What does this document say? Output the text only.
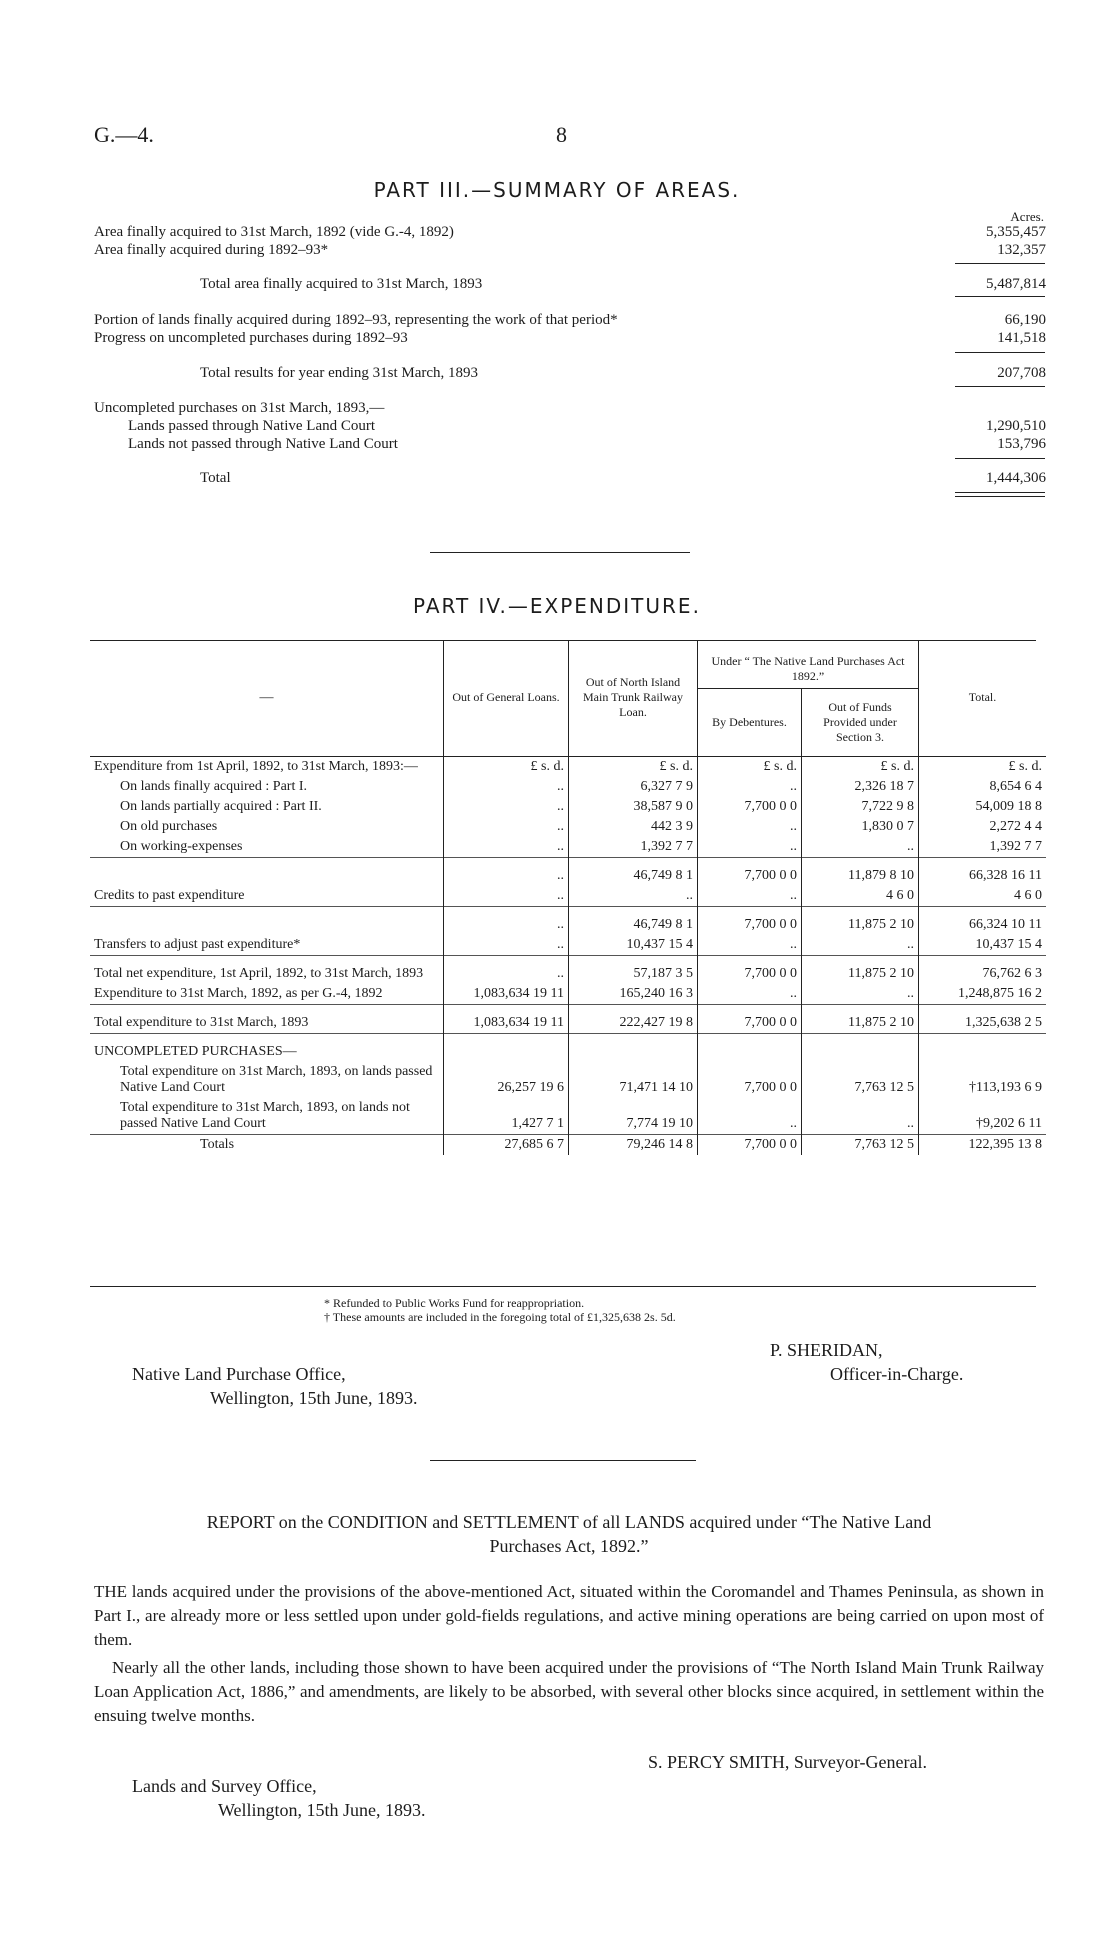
G.—4.	8
PART III.—SUMMARY OF AREAS.
Acres.
Area finally acquired to 31st March, 1892 (vide G.-4, 1892)	5,355,457
Area finally acquired during 1892–93*	132,357
Total area finally acquired to 31st March, 1893	5,487,814
Portion of lands finally acquired during 1892–93, representing the work of that period*	66,190
Progress on uncompleted purchases during 1892–93	141,518
Total results for year ending 31st March, 1893	207,708
Uncompleted purchases on 31st March, 1893,—
Lands passed through Native Land Court	1,290,510
Lands not passed through Native Land Court	153,796
Total	1,444,306
PART IV.—EXPENDITURE.
—	Out of General Loans.	Out of North Island Main Trunk Railway Loan.	Under “ The Native Land Purchases Act 1892.”		Total.
			By Debentures.	Out of Funds Provided under Section 3.	
Expenditure from 1st April, 1892, to 31st March, 1893:—	£ s. d.	£ s. d.	£ s. d.	£ s. d.	£ s. d.
On lands finally acquired : Part I.	..	6,327 7 9	..	2,326 18 7	8,654 6 4
On lands partially acquired : Part II.	..	38,587 9 0	7,700 0 0	7,722 9 8	54,009 18 8
On old purchases	..	442 3 9	..	1,830 0 7	2,272 4 4
On working-expenses	..	1,392 7 7	..	..	1,392 7 7
	..	46,749 8 1	7,700 0 0	11,879 8 10	66,328 16 11
Credits to past expenditure	..	..	..	4 6 0	4 6 0
	..	46,749 8 1	7,700 0 0	11,875 2 10	66,324 10 11
Transfers to adjust past expenditure*	..	10,437 15 4	..	..	10,437 15 4
Total net expenditure, 1st April, 1892, to 31st March, 1893	..	57,187 3 5	7,700 0 0	11,875 2 10	76,762 6 3
Expenditure to 31st March, 1892, as per G.-4, 1892	1,083,634 19 11	165,240 16 3	..	..	1,248,875 16 2
Total expenditure to 31st March, 1893	1,083,634 19 11	222,427 19 8	7,700 0 0	11,875 2 10	1,325,638 2 5
UNCOMPLETED PURCHASES—					
Total expenditure on 31st March, 1893, on lands passed Native Land Court	26,257 19 6	71,471 14 10	7,700 0 0	7,763 12 5	†113,193 6 9
Total expenditure to 31st March, 1893, on lands not passed Native Land Court	1,427 7 1	7,774 19 10	..	..	†9,202 6 11
Totals	27,685 6 7	79,246 14 8	7,700 0 0	7,763 12 5	122,395 13 8
* Refunded to Public Works Fund for reappropriation.
† These amounts are included in the foregoing total of £1,325,638 2s. 5d.
P. SHERIDAN,
Officer-in-Charge.
Native Land Purchase Office,
Wellington, 15th June, 1893.
REPORT on the CONDITION and SETTLEMENT of all LANDS acquired under “The Native Land
Purchases Act, 1892.”
THE lands acquired under the provisions of the above-mentioned Act, situated within the Coromandel and Thames Peninsula, as shown in Part I., are already more or less settled upon under gold-fields regulations, and active mining operations are being carried on upon most of them.
Nearly all the other lands, including those shown to have been acquired under the provisions of “The North Island Main Trunk Railway Loan Application Act, 1886,” and amendments, are likely to be absorbed, with several other blocks since acquired, in settlement within the ensuing twelve months.
S. PERCY SMITH, Surveyor-General.
Lands and Survey Office,
Wellington, 15th June, 1893.
